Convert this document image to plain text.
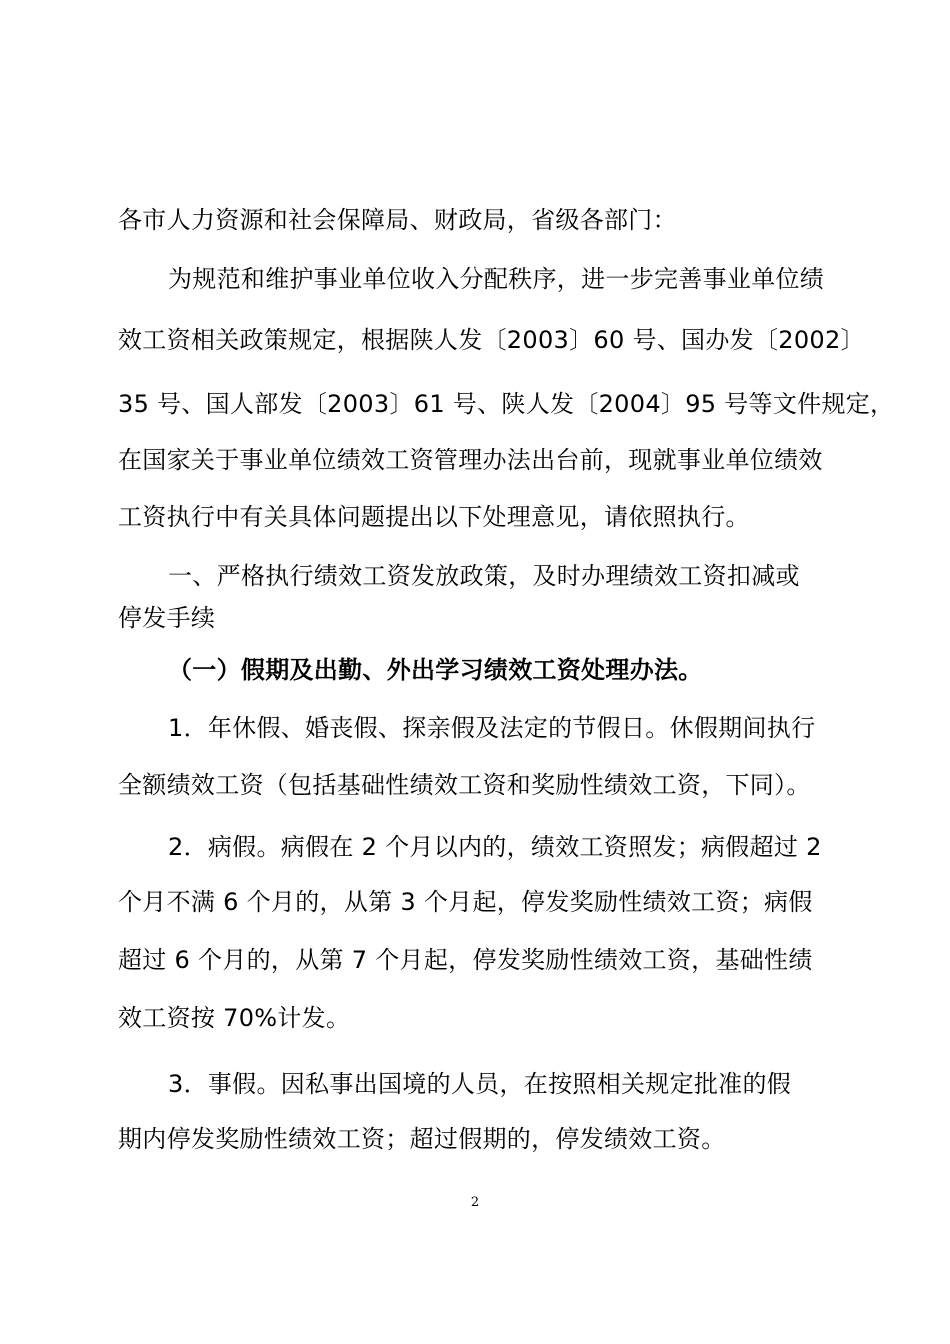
各市人力资源和社会保障局、财政局，省级各部门：
为规范和维护事业单位收入分配秩序，进一步完善事业单位绩
效工资相关政策规定，根据陕人发〔2003〕60 号、国办发〔2002〕
35 号、国人部发〔2003〕61 号、陕人发〔2004〕95 号等文件规定，
在国家关于事业单位绩效工资管理办法出台前，现就事业单位绩效
工资执行中有关具体问题提出以下处理意见，请依照执行。
一、严格执行绩效工资发放政策，及时办理绩效工资扣减或
停发手续
（一）假期及出勤、外出学习绩效工资处理办法。
1．年休假、婚丧假、探亲假及法定的节假日。休假期间执行
全额绩效工资（包括基础性绩效工资和奖励性绩效工资，下同）。
2．病假。病假在 2 个月以内的，绩效工资照发；病假超过 2
个月不满 6 个月的，从第 3 个月起，停发奖励性绩效工资；病假
超过 6 个月的，从第 7 个月起，停发奖励性绩效工资，基础性绩
效工资按 70%计发。
3．事假。因私事出国境的人员，在按照相关规定批准的假
期内停发奖励性绩效工资；超过假期的，停发绩效工资。
2
